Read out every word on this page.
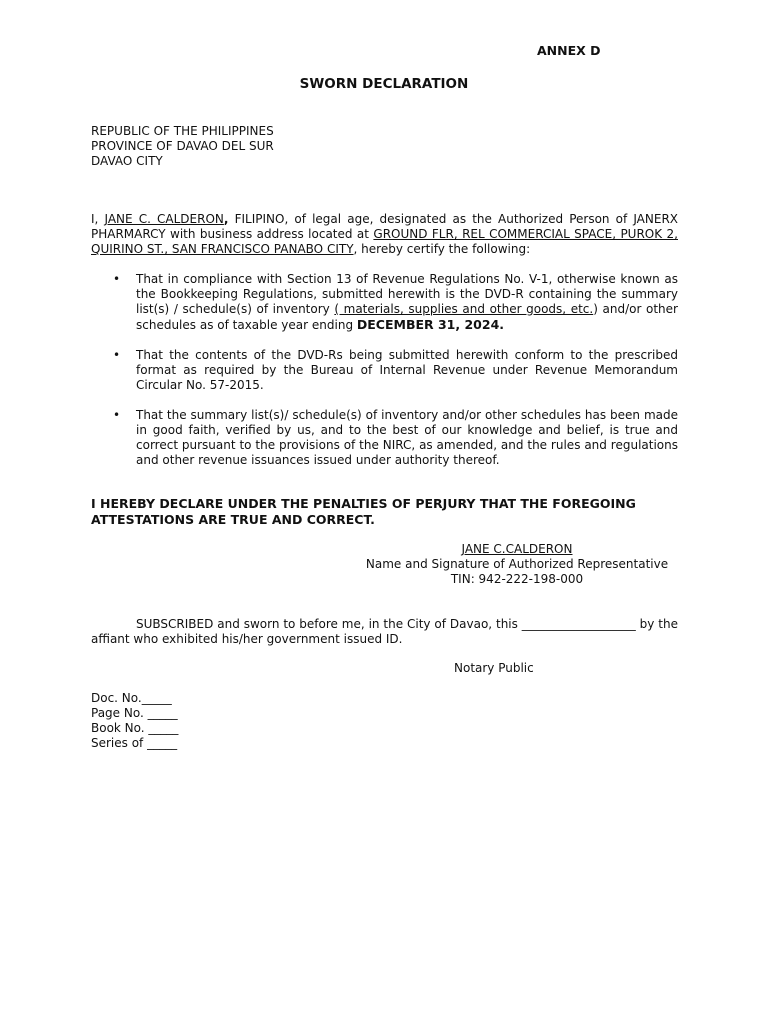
ANNEX D
SWORN DECLARATION
REPUBLIC OF THE PHILIPPINES
PROVINCE OF DAVAO DEL SUR
DAVAO CITY
I, JANE C. CALDERON, FILIPINO, of legal age, designated as the Authorized Person of JANERX PHARMARCY with business address located at GROUND FLR, REL COMMERCIAL SPACE, PUROK 2, QUIRINO ST., SAN FRANCISCO PANABO CITY, hereby certify the following:
• That in compliance with Section 13 of Revenue Regulations No. V-1, otherwise known as the Bookkeeping Regulations, submitted herewith is the DVD-R containing the summary list(s) / schedule(s) of inventory ( materials, supplies and other goods, etc.) and/or other schedules as of taxable year ending DECEMBER 31, 2024.
• That the contents of the DVD-Rs being submitted herewith conform to the prescribed format as required by the Bureau of Internal Revenue under Revenue Memorandum Circular No. 57-2015.
• That the summary list(s)/ schedule(s) of inventory and/or other schedules has been made in good faith, verified by us, and to the best of our knowledge and belief, is true and correct pursuant to the provisions of the NIRC, as amended, and the rules and regulations and other revenue issuances issued under authority thereof.
I HEREBY DECLARE UNDER THE PENALTIES OF PERJURY THAT THE FOREGOING ATTESTATIONS ARE TRUE AND CORRECT.
JANE C.CALDERON
Name and Signature of Authorized Representative
TIN: 942-222-198-000
SUBSCRIBED and sworn to before me, in the City of Davao, this ___________________ by the affiant who exhibited his/her government issued ID.
Notary Public
Doc. No._____
Page No. _____
Book No. _____
Series of _____
